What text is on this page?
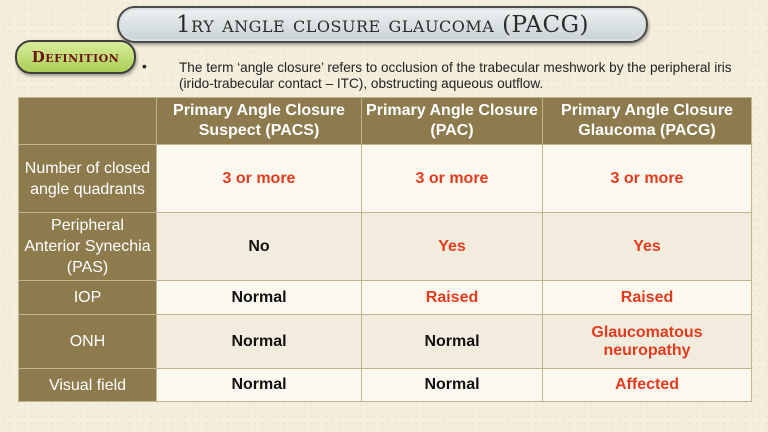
1ry angle closure glaucoma (PACG)
Definition • The term ‘angle closure’ refers to occlusion of the trabecular meshwork by the peripheral iris (irido-trabecular contact – ITC), obstructing aqueous outflow.
	Primary Angle Closure Suspect (PACS)	Primary Angle Closure (PAC)	Primary Angle Closure Glaucoma (PACG)
Number of closed angle quadrants	3 or more	3 or more	3 or more
Peripheral Anterior Synechia (PAS)	No	Yes	Yes
IOP	Normal	Raised	Raised
ONH	Normal	Normal	Glaucomatous neuropathy
Visual field	Normal	Normal	Affected
